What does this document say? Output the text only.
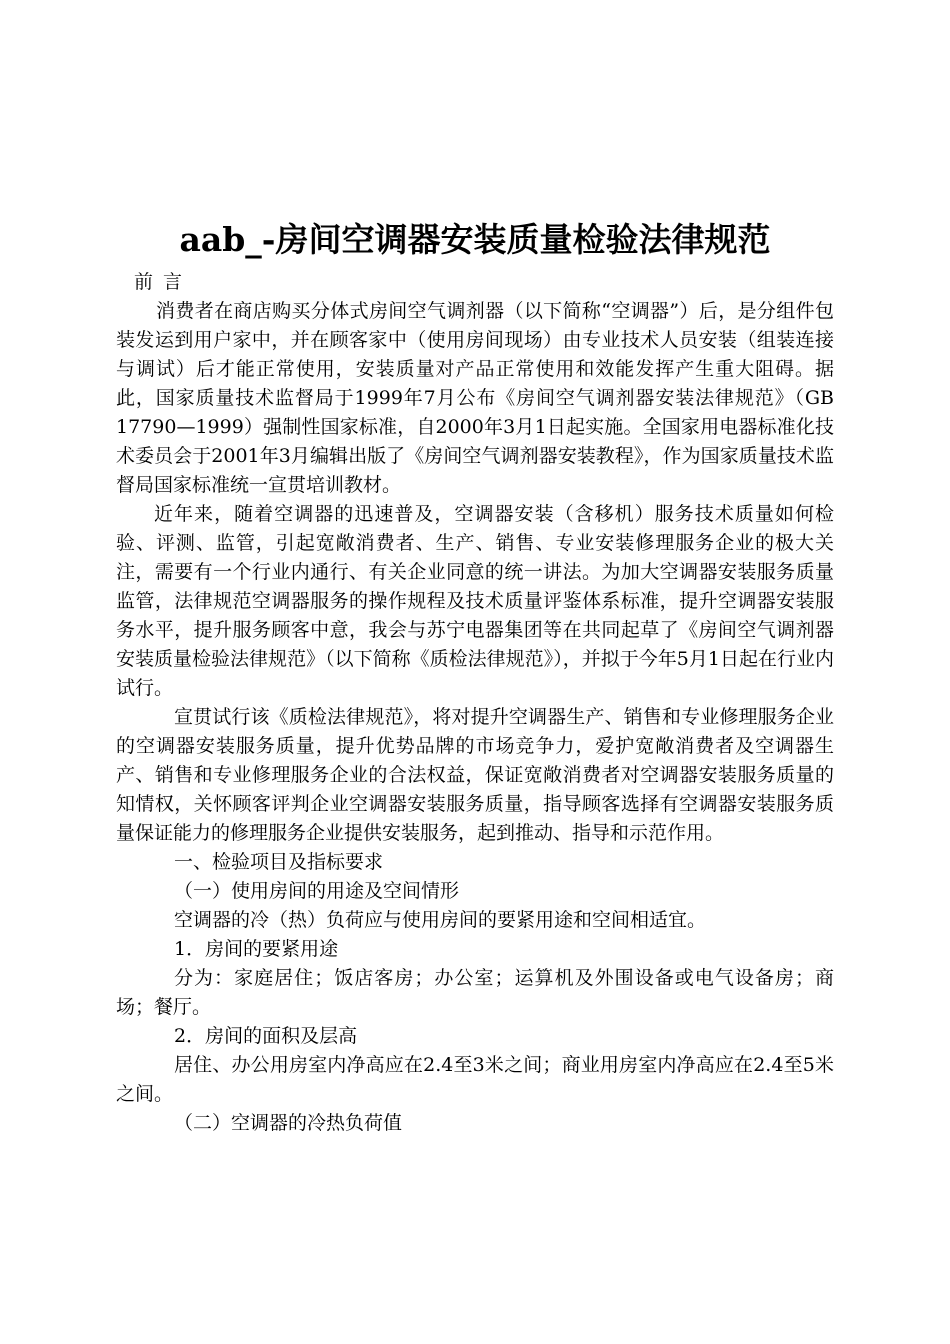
aab_-房间空调器安装质量检验法律规范

前 言

消费者在商店购买分体式房间空气调剂器（以下简称“空调器”）后，是分组件包装发运到用户家中，并在顾客家中（使用房间现场）由专业技术人员安装（组装连接与调试）后才能正常使用，安装质量对产品正常使用和效能发挥产生重大阻碍。据此，国家质量技术监督局于1999年7月公布《房间空气调剂器安装法律规范》（GB 17790—1999）强制性国家标准，自2000年3月1日起实施。全国家用电器标准化技术委员会于2001年3月编辑出版了《房间空气调剂器安装教程》，作为国家质量技术监督局国家标准统一宣贯培训教材。

近年来，随着空调器的迅速普及，空调器安装（含移机）服务技术质量如何检验、评测、监管，引起宽敞消费者、生产、销售、专业安装修理服务企业的极大关注，需要有一个行业内通行、有关企业同意的统一讲法。为加大空调器安装服务质量监管，法律规范空调器服务的操作规程及技术质量评鉴体系标准，提升空调器安装服务水平，提升服务顾客中意，我会与苏宁电器集团等在共同起草了《房间空气调剂器安装质量检验法律规范》（以下简称《质检法律规范》），并拟于今年5月1日起在行业内试行。

宣贯试行该《质检法律规范》，将对提升空调器生产、销售和专业修理服务企业的空调器安装服务质量，提升优势品牌的市场竞争力，爱护宽敞消费者及空调器生产、销售和专业修理服务企业的合法权益，保证宽敞消费者对空调器安装服务质量的知情权，关怀顾客评判企业空调器安装服务质量，指导顾客选择有空调器安装服务质量保证能力的修理服务企业提供安装服务，起到推动、指导和示范作用。

一、检验项目及指标要求

（一）使用房间的用途及空间情形

空调器的冷（热）负荷应与使用房间的要紧用途和空间相适宜。

1．房间的要紧用途

分为：家庭居住；饭店客房；办公室；运算机及外围设备或电气设备房；商场；餐厅。

2．房间的面积及层高

居住、办公用房室内净高应在2.4至3米之间；商业用房室内净高应在2.4至5米之间。

（二）空调器的冷热负荷值
